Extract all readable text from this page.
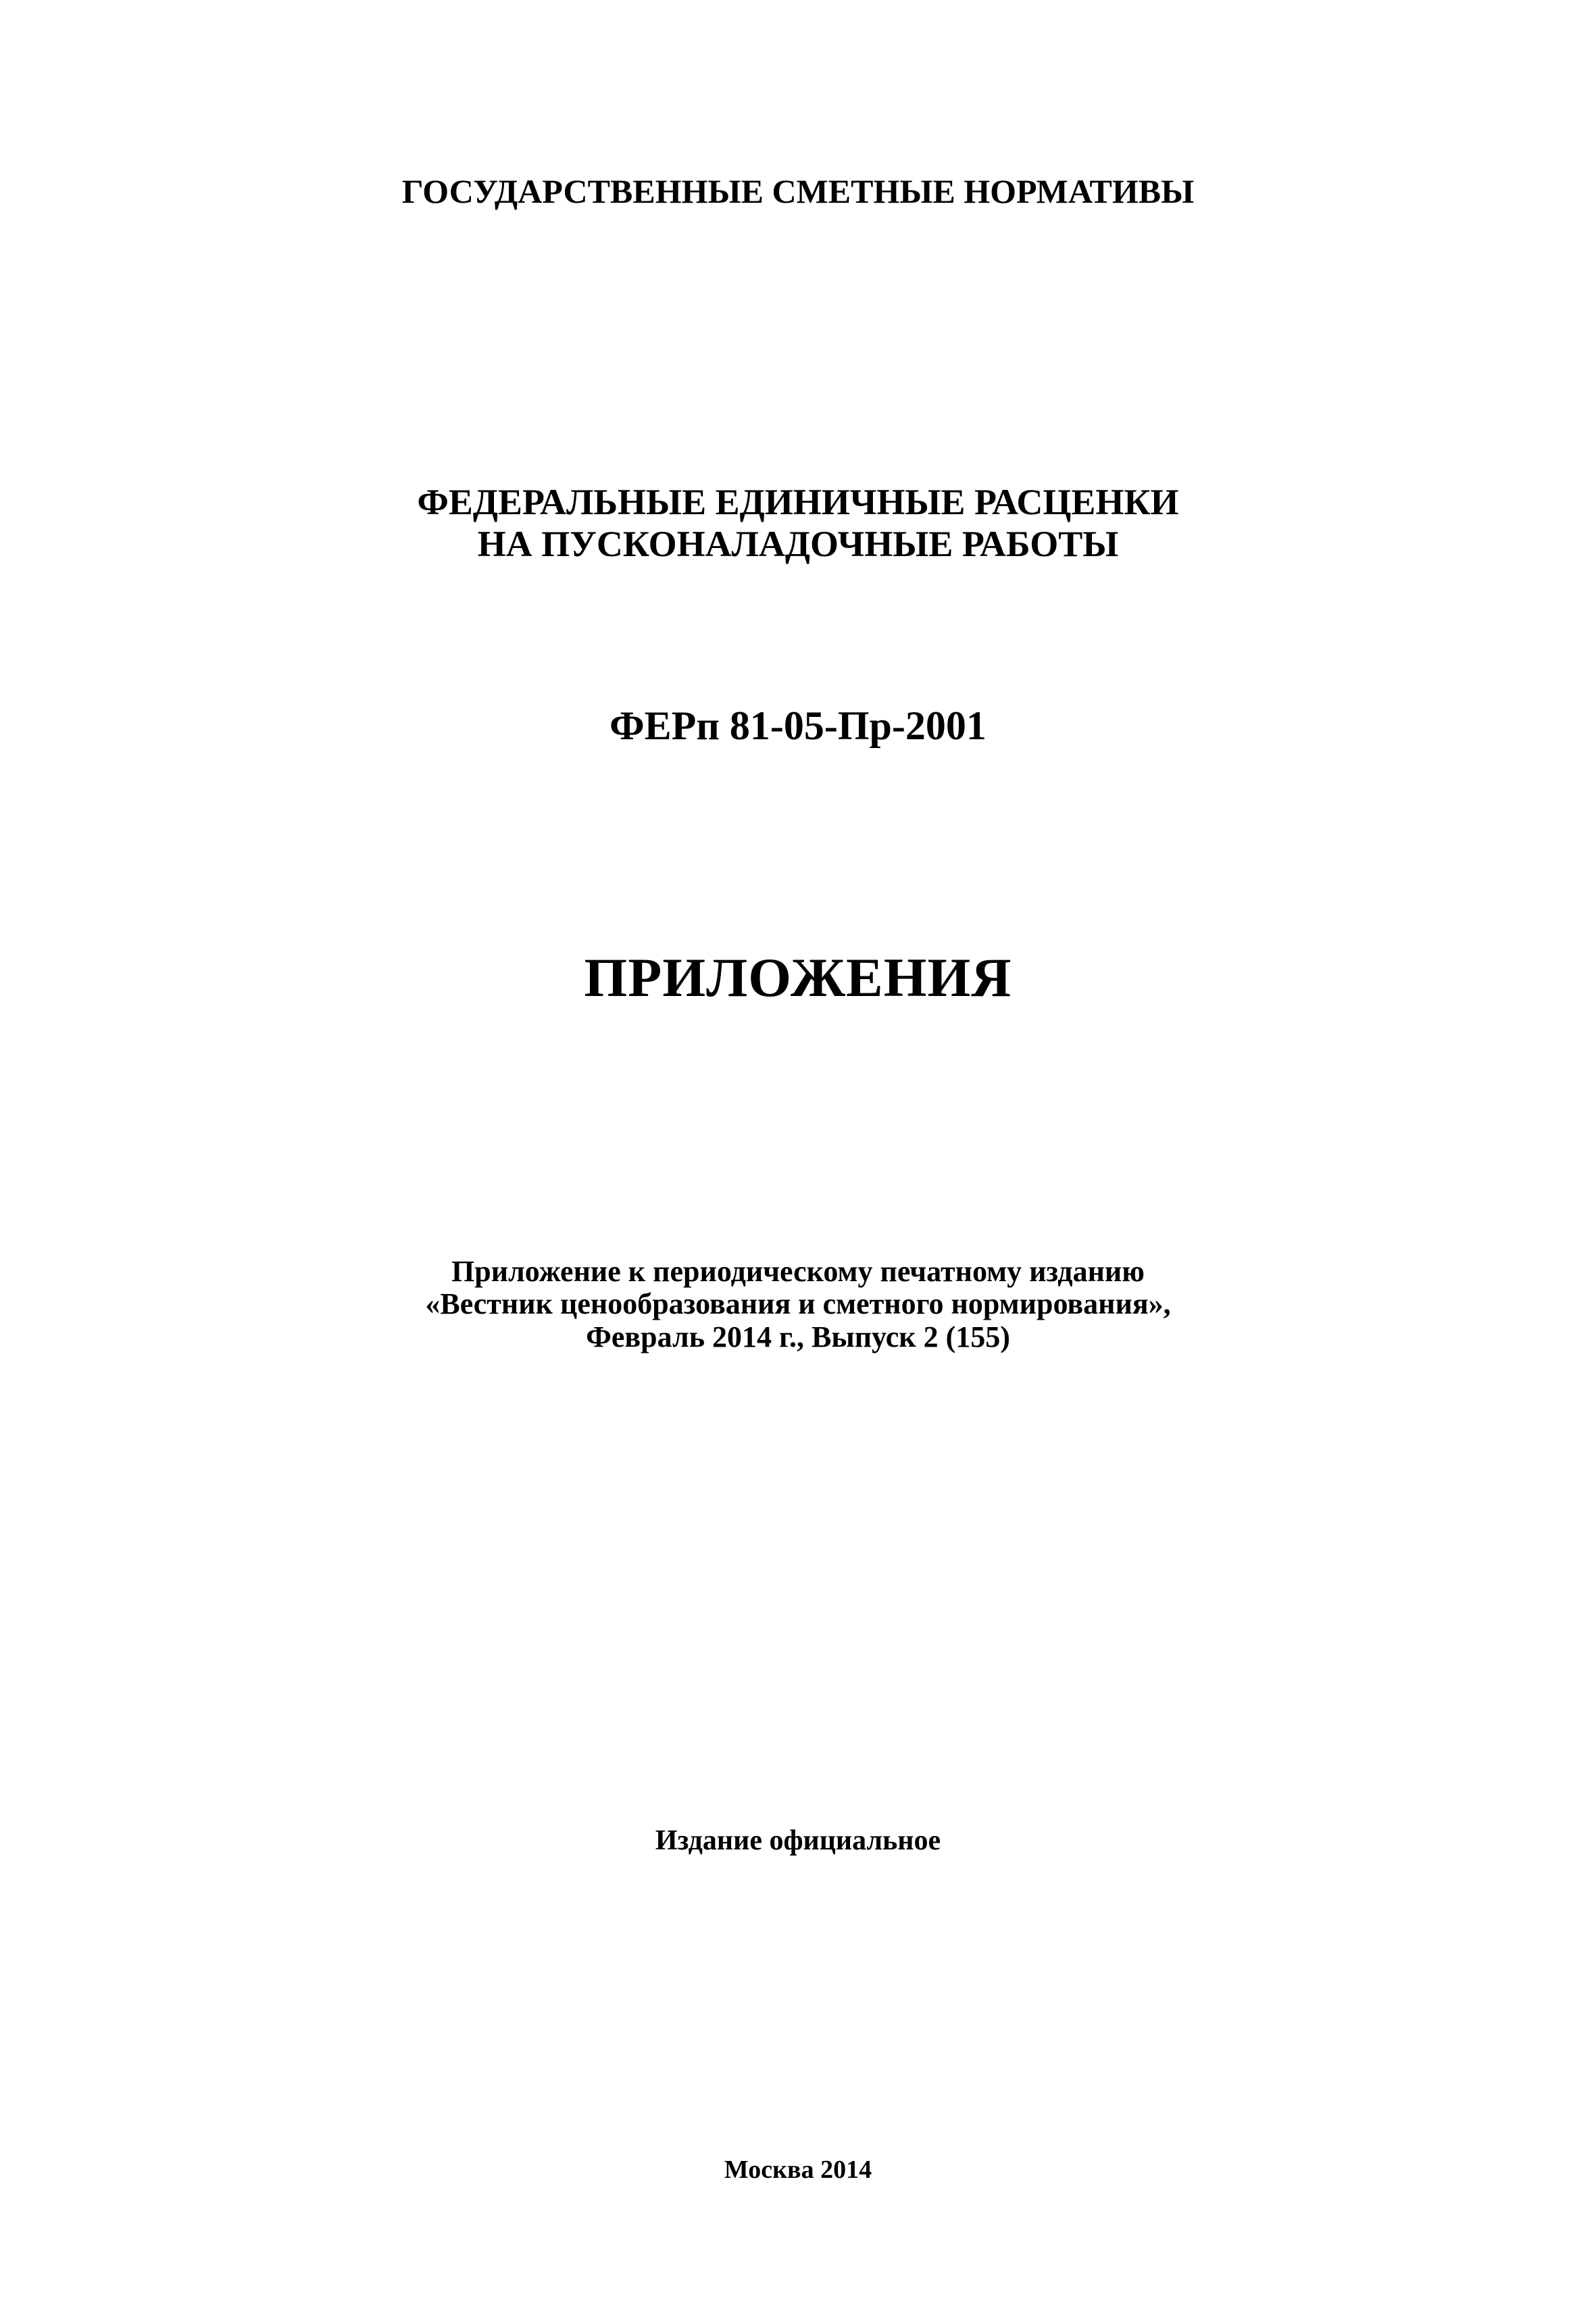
ГОСУДАРСТВЕННЫЕ СМЕТНЫЕ НОРМАТИВЫ
ФЕДЕРАЛЬНЫЕ ЕДИНИЧНЫЕ РАСЦЕНКИ
НА ПУСКОНАЛАДОЧНЫЕ РАБОТЫ
ФЕРп 81-05-Пр-2001
ПРИЛОЖЕНИЯ
Приложение к периодическому печатному изданию
«Вестник ценообразования и сметного нормирования»,
Февраль 2014 г., Выпуск 2 (155)
Издание официальное
Москва 2014
